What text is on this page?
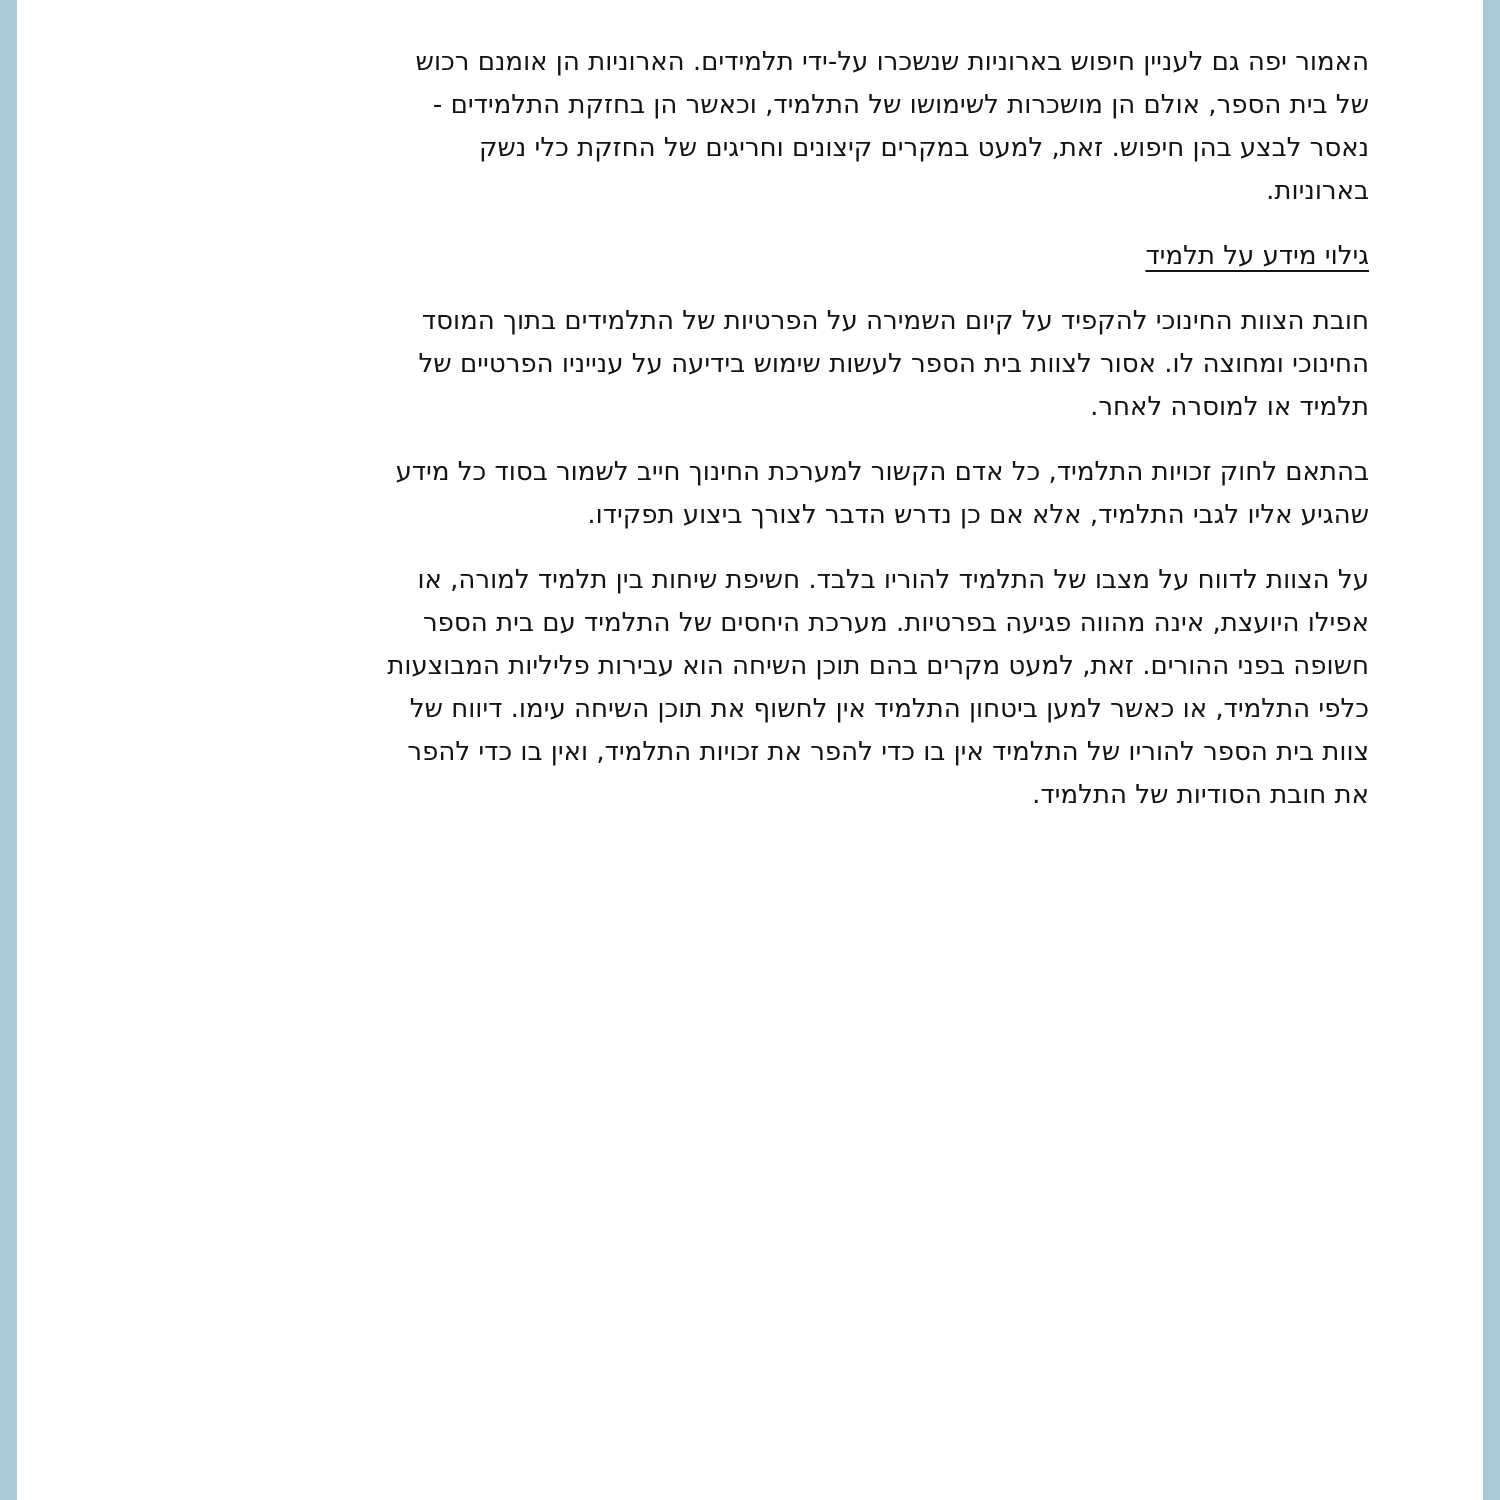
האמור יפה גם לעניין חיפוש בארוניות שנשכרו על-ידי תלמידים. הארוניות הן אומנם רכוש
של בית הספר, אולם הן מושכרות לשימושו של התלמיד, וכאשר הן בחזקת התלמידים -
נאסר לבצע בהן חיפוש. זאת, למעט במקרים קיצונים וחריגים של החזקת כלי נשק
בארוניות.
גילוי מידע על תלמיד
חובת הצוות החינוכי להקפיד על קיום השמירה על הפרטיות של התלמידים בתוך המוסד
החינוכי ומחוצה לו. אסור לצוות בית הספר לעשות שימוש בידיעה על ענייניו הפרטיים של
תלמיד או למוסרה לאחר.
בהתאם לחוק זכויות התלמיד, כל אדם הקשור למערכת החינוך חייב לשמור בסוד כל מידע
שהגיע אליו לגבי התלמיד, אלא אם כן נדרש הדבר לצורך ביצוע תפקידו.
על הצוות לדווח על מצבו של התלמיד להוריו בלבד. חשיפת שיחות בין תלמיד למורה, או
אפילו היועצת, אינה מהווה פגיעה בפרטיות. מערכת היחסים של התלמיד עם בית הספר
חשופה בפני ההורים. זאת, למעט מקרים בהם תוכן השיחה הוא עבירות פליליות המבוצעות
כלפי התלמיד, או כאשר למען ביטחון התלמיד אין לחשוף את תוכן השיחה עימו. דיווח של
צוות בית הספר להוריו של התלמיד אין בו כדי להפר את זכויות התלמיד, ואין בו כדי להפר
את חובת הסודיות של התלמיד.
